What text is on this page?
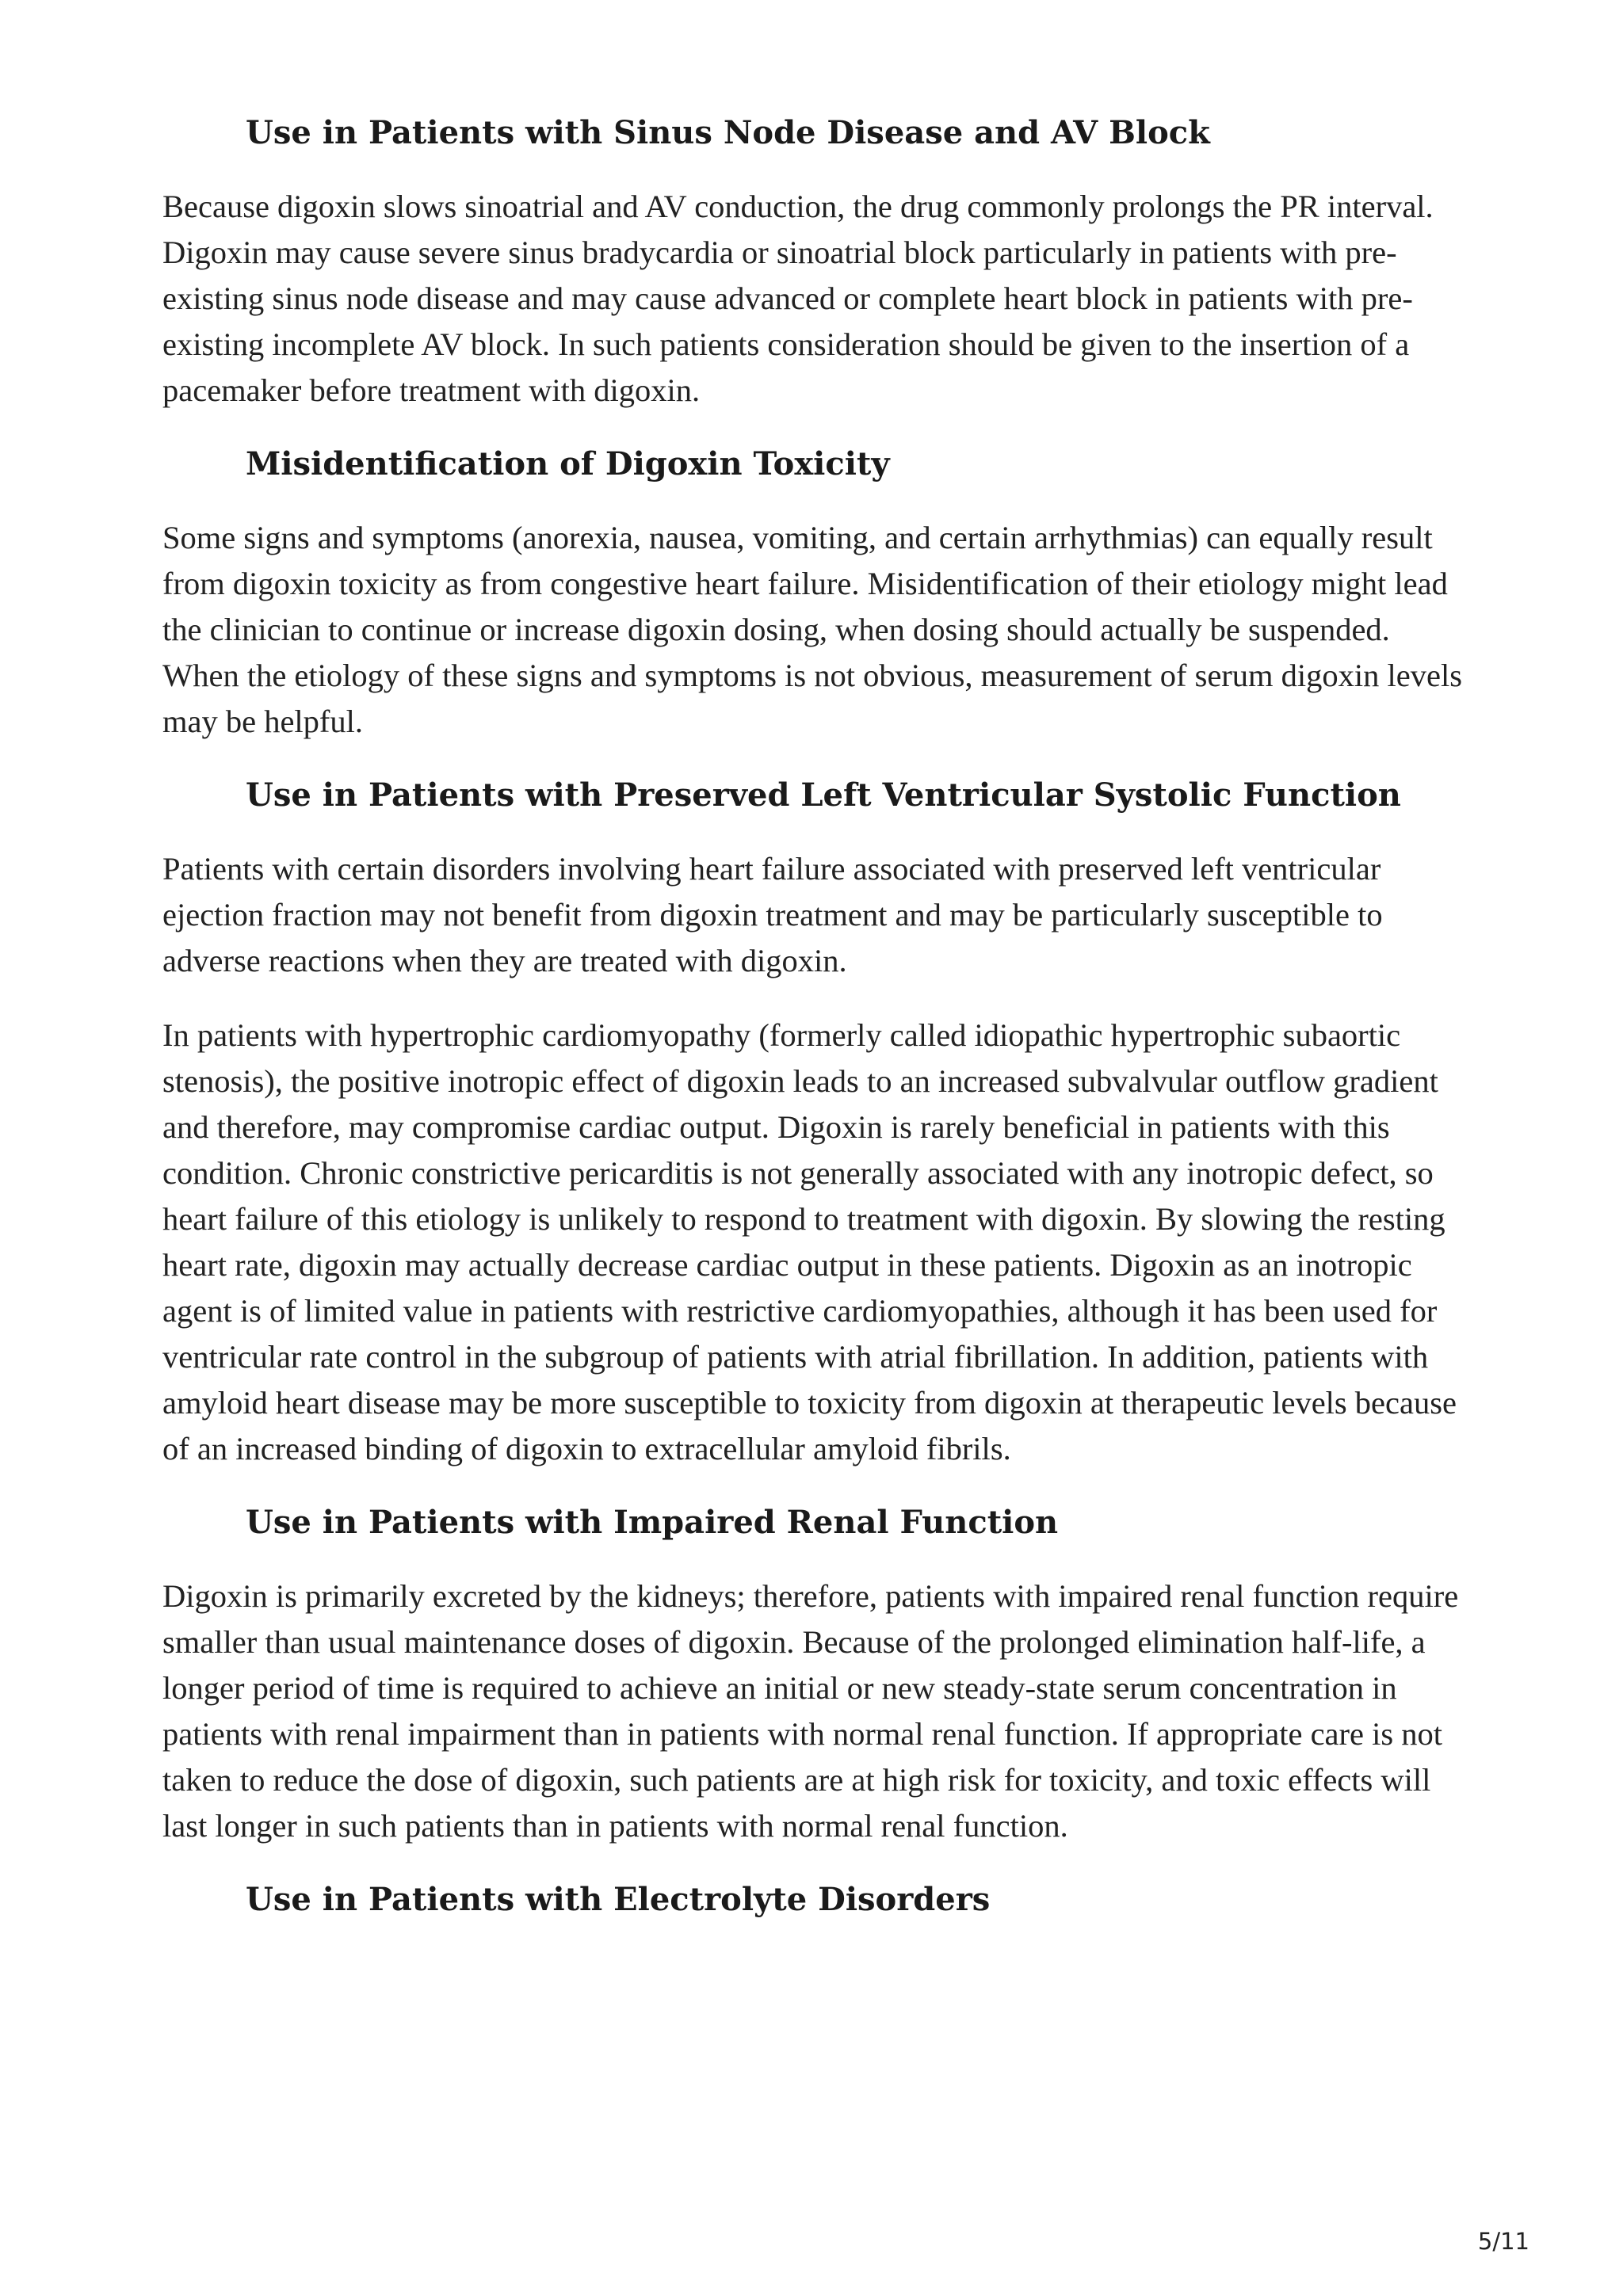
Use in Patients with Sinus Node Disease and AV Block

Because digoxin slows sinoatrial and AV conduction, the drug commonly prolongs the PR interval. Digoxin may cause severe sinus bradycardia or sinoatrial block particularly in patients with pre-existing sinus node disease and may cause advanced or complete heart block in patients with pre-existing incomplete AV block. In such patients consideration should be given to the insertion of a pacemaker before treatment with digoxin.

Misidentification of Digoxin Toxicity

Some signs and symptoms (anorexia, nausea, vomiting, and certain arrhythmias) can equally result from digoxin toxicity as from congestive heart failure. Misidentification of their etiology might lead the clinician to continue or increase digoxin dosing, when dosing should actually be suspended. When the etiology of these signs and symptoms is not obvious, measurement of serum digoxin levels may be helpful.

Use in Patients with Preserved Left Ventricular Systolic Function

Patients with certain disorders involving heart failure associated with preserved left ventricular ejection fraction may not benefit from digoxin treatment and may be particularly susceptible to adverse reactions when they are treated with digoxin.

In patients with hypertrophic cardiomyopathy (formerly called idiopathic hypertrophic subaortic stenosis), the positive inotropic effect of digoxin leads to an increased subvalvular outflow gradient and therefore, may compromise cardiac output. Digoxin is rarely beneficial in patients with this condition. Chronic constrictive pericarditis is not generally associated with any inotropic defect, so heart failure of this etiology is unlikely to respond to treatment with digoxin. By slowing the resting heart rate, digoxin may actually decrease cardiac output in these patients. Digoxin as an inotropic agent is of limited value in patients with restrictive cardiomyopathies, although it has been used for ventricular rate control in the subgroup of patients with atrial fibrillation. In addition, patients with amyloid heart disease may be more susceptible to toxicity from digoxin at therapeutic levels because of an increased binding of digoxin to extracellular amyloid fibrils.

Use in Patients with Impaired Renal Function

Digoxin is primarily excreted by the kidneys; therefore, patients with impaired renal function require smaller than usual maintenance doses of digoxin. Because of the prolonged elimination half-life, a longer period of time is required to achieve an initial or new steady-state serum concentration in patients with renal impairment than in patients with normal renal function. If appropriate care is not taken to reduce the dose of digoxin, such patients are at high risk for toxicity, and toxic effects will last longer in such patients than in patients with normal renal function.

Use in Patients with Electrolyte Disorders
5/11
